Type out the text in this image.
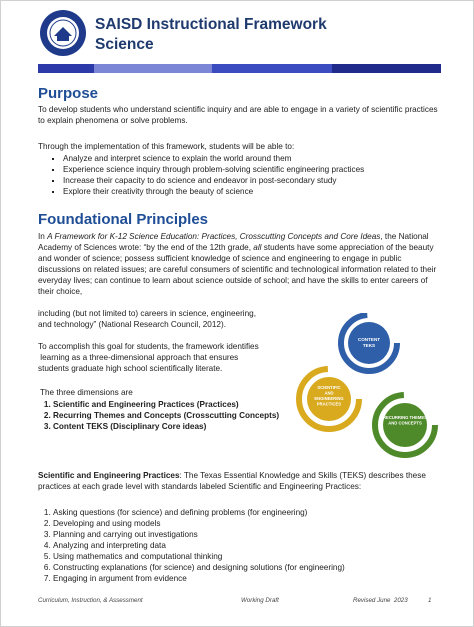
SAISD Instructional Framework
Science
Purpose
To develop students who understand scientific inquiry and are able to engage in a variety of scientific practices to explain phenomena or solve problems.
Through the implementation of this framework, students will be able to:
▪ Analyze and interpret science to explain the world around them
▪ Experience science inquiry through problem-solving scientific engineering practices
▪ Increase their capacity to do science and endeavor in post-secondary study
▪ Explore their creativity through the beauty of science
Foundational Principles
In A Framework for K-12 Science Education: Practices, Crosscutting Concepts and Core Ideas, the National Academy of Sciences wrote: “by the end of the 12th grade, all students have some appreciation of the beauty and wonder of science; possess sufficient knowledge of science and engineering to engage in public discussions on related issues; are careful consumers of scientific and technological information related to their everyday lives; can continue to learn about science outside of school; and have the skills to enter careers of their choice,
including (but not limited to) careers in science, engineering,
and technology” (National Research Council, 2012).
To accomplish this goal for students, the framework identifies
learning as a three-dimensional approach that ensures
students graduate high school scientifically literate.
The three dimensions are
1. Scientific and Engineering Practices (Practices)
2. Recurring Themes and Concepts (Crosscutting Concepts)
3. Content TEKS (Disciplinary Core ideas)
CONTENT TEKS
SCIENTIFIC AND ENGINEERING PRACTICES
RECURRING THEMES AND CONCEPTS
Scientific and Engineering Practices: The Texas Essential Knowledge and Skills (TEKS) describes these practices at each grade level with standards labeled Scientific and Engineering Practices:
1. Asking questions (for science) and defining problems (for engineering)
2. Developing and using models
3. Planning and carrying out investigations
4. Analyzing and interpreting data
5. Using mathematics and computational thinking
6. Constructing explanations (for science) and designing solutions (for engineering)
7. Engaging in argument from evidence
Curriculum, Instruction, & Assessment	Working Draft	Revised June  2023	1
